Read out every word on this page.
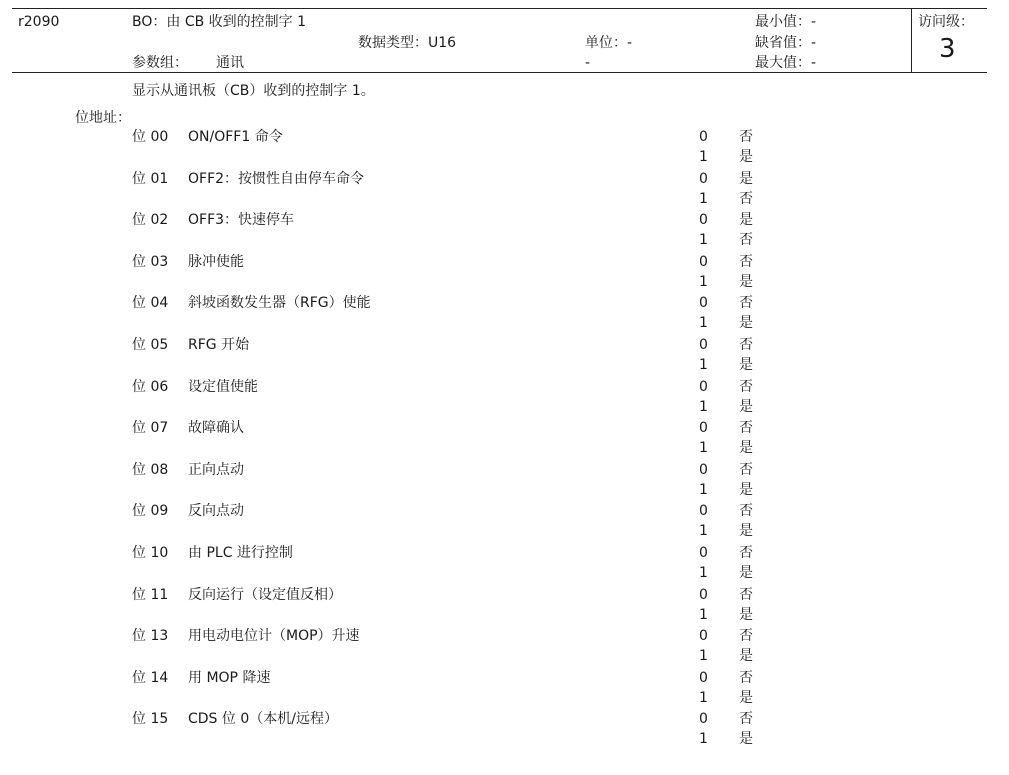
r2090	BO：由 CB 收到的控制字 1
数据类型：U16	单位：-
-
参数组： 通讯
最小值：-
缺省值：-
最大值：-
访问级：
3
显示从通讯板（CB）收到的控制字 1。
位地址：
位 00 ON/OFF1 命令	0 否
1 是
位 01 OFF2：按惯性自由停车命令	0 是
1 否
位 02 OFF3：快速停车	0 是
1 否
位 03 脉冲使能	0 否
1 是
位 04 斜坡函数发生器（RFG）使能	0 否
1 是
位 05 RFG 开始	0 否
1 是
位 06 设定值使能	0 否
1 是
位 07 故障确认	0 否
1 是
位 08 正向点动	0 否
1 是
位 09 反向点动	0 否
1 是
位 10 由 PLC 进行控制	0 否
1 是
位 11 反向运行（设定值反相）	0 否
1 是
位 13 用电动电位计（MOP）升速	0 否
1 是
位 14 用 MOP 降速	0 否
1 是
位 15 CDS 位 0（本机/远程）	0 否
1 是
